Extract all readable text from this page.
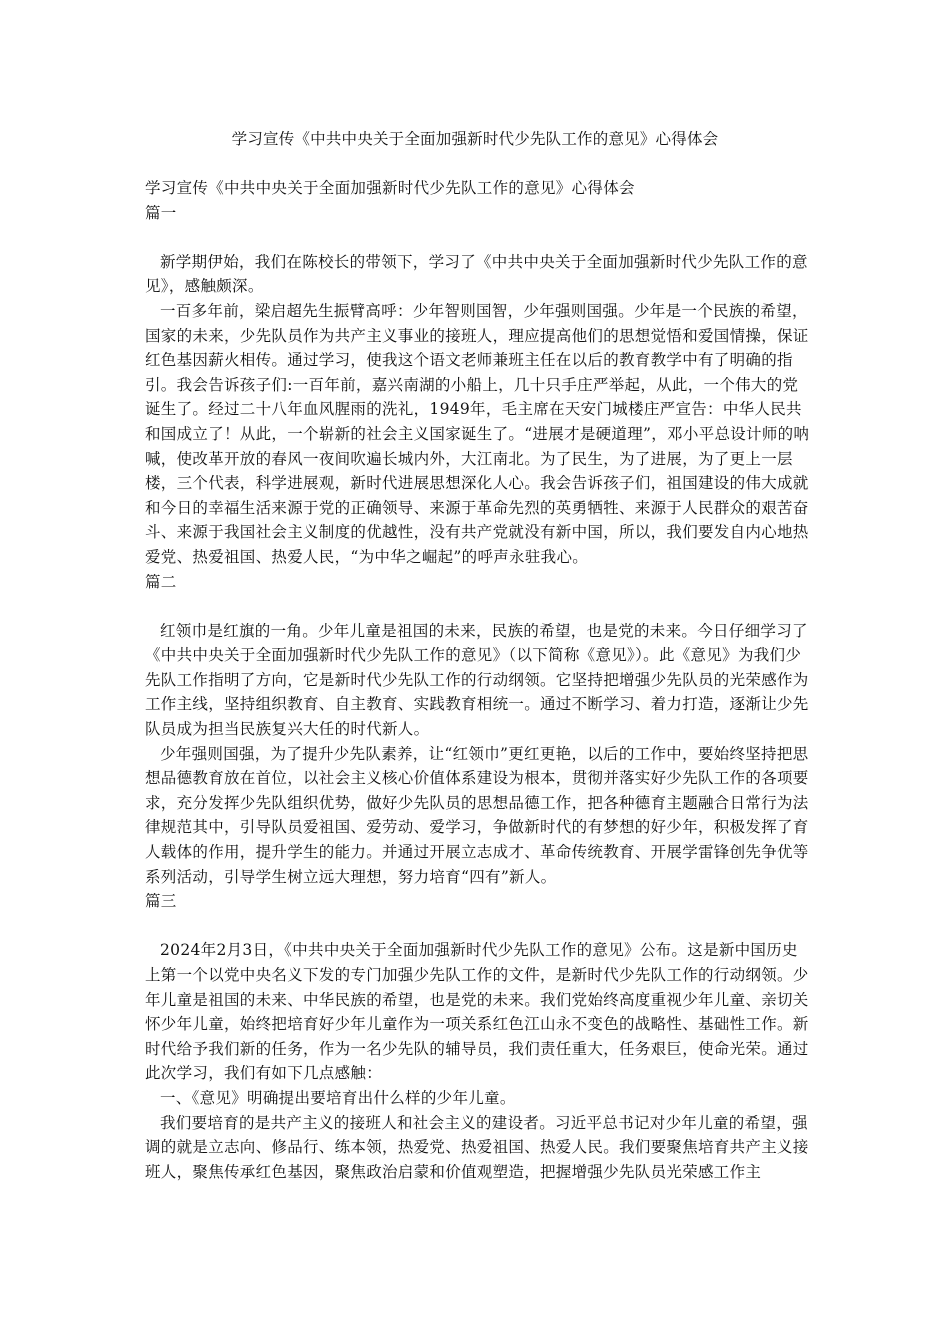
学习宣传《中共中央关于全面加强新时代少先队工作的意见》心得体会

学习宣传《中共中央关于全面加强新时代少先队工作的意见》心得体会

篇一

新学期伊始，我们在陈校长的带领下，学习了《中共中央关于全面加强新时代少先队工作的意见》，感触颇深。

一百多年前，梁启超先生振臂高呼：少年智则国智，少年强则国强。少年是一个民族的希望，国家的未来，少先队员作为共产主义事业的接班人，理应提高他们的思想觉悟和爱国情操，保证红色基因薪火相传。通过学习，使我这个语文老师兼班主任在以后的教育教学中有了明确的指引。我会告诉孩子们:一百年前，嘉兴南湖的小船上，几十只手庄严举起，从此，一个伟大的党诞生了。经过二十八年血风腥雨的洗礼，1949年，毛主席在天安门城楼庄严宣告：中华人民共和国成立了！从此，一个崭新的社会主义国家诞生了。“进展才是硬道理”，邓小平总设计师的呐喊，使改革开放的春风一夜间吹遍长城内外，大江南北。为了民生，为了进展，为了更上一层楼，三个代表，科学进展观，新时代进展思想深化人心。我会告诉孩子们，祖国建设的伟大成就和今日的幸福生活来源于党的正确领导、来源于革命先烈的英勇牺牲、来源于人民群众的艰苦奋斗、来源于我国社会主义制度的优越性，没有共产党就没有新中国，所以，我们要发自内心地热爱党、热爱祖国、热爱人民，“为中华之崛起”的呼声永驻我心。

篇二

红领巾是红旗的一角。少年儿童是祖国的未来，民族的希望，也是党的未来。今日仔细学习了《中共中央关于全面加强新时代少先队工作的意见》（以下简称《意见》）。此《意见》为我们少先队工作指明了方向，它是新时代少先队工作的行动纲领。它坚持把增强少先队员的光荣感作为工作主线，坚持组织教育、自主教育、实践教育相统一。通过不断学习、着力打造，逐渐让少先队员成为担当民族复兴大任的时代新人。

少年强则国强，为了提升少先队素养，让“红领巾”更红更艳，以后的工作中，要始终坚持把思想品德教育放在首位，以社会主义核心价值体系建设为根本，贯彻并落实好少先队工作的各项要求，充分发挥少先队组织优势，做好少先队员的思想品德工作，把各种德育主题融合日常行为法律规范其中，引导队员爱祖国、爱劳动、爱学习，争做新时代的有梦想的好少年，积极发挥了育人载体的作用，提升学生的能力。并通过开展立志成才、革命传统教育、开展学雷锋创先争优等系列活动，引导学生树立远大理想，努力培育“四有”新人。

篇三

2024年2月3日，《中共中央关于全面加强新时代少先队工作的意见》公布。这是新中国历史上第一个以党中央名义下发的专门加强少先队工作的文件，是新时代少先队工作的行动纲领。少年儿童是祖国的未来、中华民族的希望，也是党的未来。我们党始终高度重视少年儿童、亲切关怀少年儿童，始终把培育好少年儿童作为一项关系红色江山永不变色的战略性、基础性工作。新时代给予我们新的任务，作为一名少先队的辅导员，我们责任重大，任务艰巨，使命光荣。通过此次学习，我们有如下几点感触：

一、《意见》明确提出要培育出什么样的少年儿童。

我们要培育的是共产主义的接班人和社会主义的建设者。习近平总书记对少年儿童的希望，强调的就是立志向、修品行、练本领，热爱党、热爱祖国、热爱人民。我们要聚焦培育共产主义接班人，聚焦传承红色基因，聚焦政治启蒙和价值观塑造，把握增强少先队员光荣感工作主
